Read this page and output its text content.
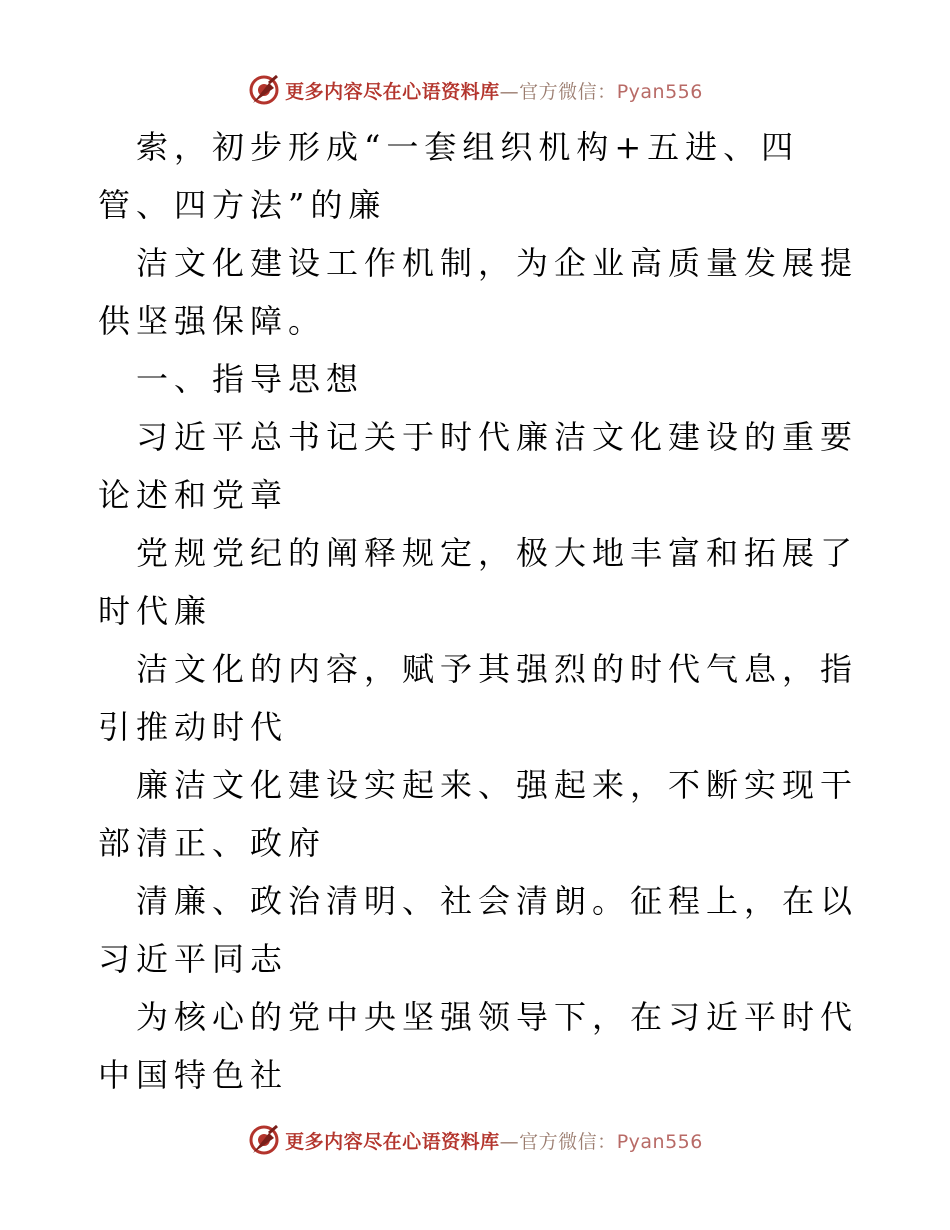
更多内容尽在心语资料库—官方微信：Pyan556

索，初步形成“一套组织机构+五进、四管、四方法”的廉

洁文化建设工作机制，为企业高质量发展提供坚强保障。

一、指导思想

习近平总书记关于时代廉洁文化建设的重要论述和党章

党规党纪的阐释规定，极大地丰富和拓展了时代廉

洁文化的内容，赋予其强烈的时代气息，指引推动时代

廉洁文化建设实起来、强起来，不断实现干部清正、政府

清廉、政治清明、社会清朗。征程上，在以习近平同志

为核心的党中央坚强领导下，在习近平时代中国特色社

更多内容尽在心语资料库—官方微信：Pyan556
